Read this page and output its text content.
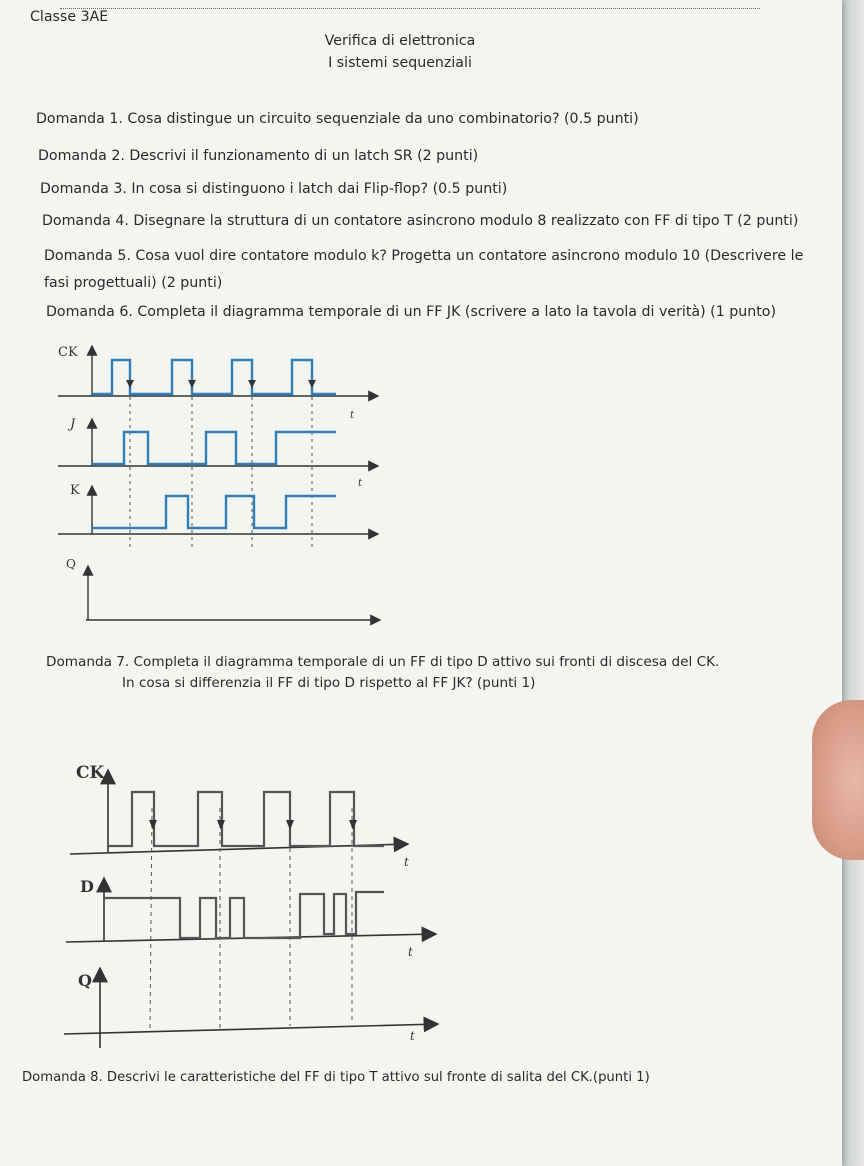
Classe 3AE
Verifica di elettronica
I sistemi sequenziali
Domanda 1. Cosa distingue un circuito sequenziale da uno combinatorio? (0.5 punti)
Domanda 2. Descrivi il funzionamento di un latch SR (2 punti)
Domanda 3. In cosa si distinguono i latch dai Flip-flop? (0.5 punti)
Domanda 4. Disegnare la struttura di un contatore asincrono modulo 8 realizzato con FF di tipo T (2 punti)
Domanda 5. Cosa vuol dire contatore modulo k? Progetta un contatore asincrono modulo 10 (Descrivere le
fasi progettuali) (2 punti)
Domanda 6. Completa il diagramma temporale di un FF JK (scrivere a lato la tavola di verità) (1 punto)
CK
J
K
Q
t
t
Domanda 7. Completa il diagramma temporale di un FF di tipo D attivo sui fronti di discesa del CK.
In cosa si differenzia il FF di tipo D rispetto al FF JK? (punti 1)
CK
D
Q
t
t
t
Domanda 8. Descrivi le caratteristiche del FF di tipo T attivo sul fronte di salita del CK.(punti 1)
